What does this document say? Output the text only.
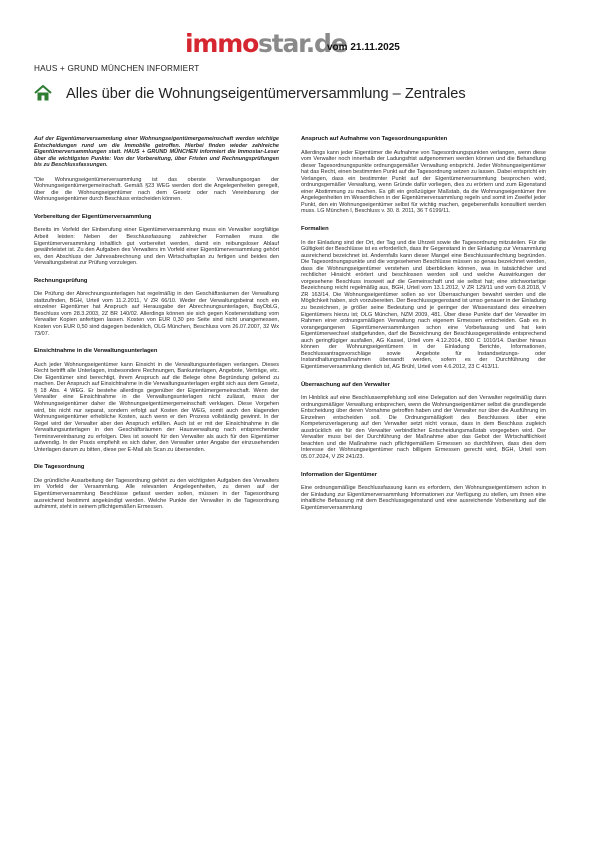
immostar.de
vom 21.11.2025
HAUS + GRUND MÜNCHEN INFORMIERT
Alles über die Wohnungseigentümerversammlung – Zentrales

Auf der Eigentümerversammlung einer Wohnungseigentümergemeinschaft werden wichtige Entscheidungen rund um die Immobilie getroffen. Hierbei finden wieder zahlreiche Eigentümerversammlungen statt. HAUS + GRUND MÜNCHEN informiert die Immostar-Leser über die wichtigsten Punkte: Von der Vorbereitung, über Fristen und Rechnungsprüfungen bis zu Beschlussfassungen.

"Die Wohnungseigentümerversammlung ist das oberste Verwaltungsorgan der Wohnungseigentümergemeinschaft. Gemäß §23 WEG werden dort die Angelegenheiten geregelt, über die die Wohnungseigentümer nach dem Gesetz oder nach Vereinbarung der Wohnungseigentümer durch Beschluss entscheiden können.

Vorbereitung der Eigentümerversammlung

Bereits im Vorfeld der Einberufung einer Eigentümerversammlung muss ein Verwalter sorgfältige Arbeit leisten: Neben der Beschlussfassung zahlreicher Formalien muss die Eigentümerversammlung inhaltlich gut vorbereitet werden, damit ein reibungsloser Ablauf gewährleistet ist. Zu den Aufgaben des Verwalters im Vorfeld einer Eigentümerversammlung gehört es, den Abschluss der Jahresabrechnung und den Wirtschaftsplan zu fertigen und beides den Verwaltungsbeirat zur Prüfung vorzulegen.

Rechnungsprüfung

Die Prüfung der Abrechnungsunterlagen hat regelmäßig in den Geschäftsräumen der Verwaltung stattzufinden, BGH, Urteil vom 11.2.2011, V ZR 66/10. Weder der Verwaltungsbeirat noch ein einzelner Eigentümer hat Anspruch auf Herausgabe der Abrechnungsunterlagen, BayObLG, Beschluss vom 28.3.2003, 2Z BR 140/02. Allerdings können sie sich gegen Kostenerstattung vom Verwalter Kopien anfertigen lassen. Kosten von EUR 0,30 pro Seite sind nicht unangemessen, Kosten von EUR 0,50 sind dagegen bedenklich, OLG München, Beschluss vom 26.07.2007, 32 Wx 73/07.

Einsichtnahme in die Verwaltungsunterlagen

Auch jeder Wohnungseigentümer kann Einsicht in die Verwaltungsunterlagen verlangen. Dieses Recht betrifft alle Unterlagen, insbesondere Rechnungen, Bankunterlagen, Angebote, Verträge, etc. Die Eigentümer sind berechtigt, ihrem Anspruch auf die Belege ohne Begründung geltend zu machen. Der Anspruch auf Einsichtnahme in die Verwaltungsunterlagen ergibt sich aus dem Gesetz, § 18 Abs. 4 WEG. Er bestehe allerdings gegenüber der Eigentümergemeinschaft. Wenn der Verwalter eine Einsichtnahme in die Verwaltungsunterlagen nicht zulässt, muss der Wohnungseigentümer daher die Wohnungseigentümergemeinschaft verklagen. Diese Vorgehen wird, bis nicht nur separat, sondern erfolgt auf Kosten der WEG, somit auch den klagenden Wohnungseigentümer erhebliche Kosten, auch wenn er den Prozess vollständig gewinnt. In der Regel wird der Verwalter aber den Anspruch erfüllen. Auch ist er mit der Einsichtnahme in die Verwaltungsunterlagen in den Geschäftsräumen der Hausverwaltung nach entsprechender Terminsvereinbarung zu erfolgen. Dies ist sowohl für den Verwalter als auch für den Eigentümer aufwendig. In der Praxis empfiehlt es sich daher, den Verwalter unter Angabe der einzusehenden Unterlagen darum zu bitten, diese per E-Mail als Scan zu übersenden.

Die Tagesordnung

Die gründliche Ausarbeitung der Tagesordnung gehört zu den wichtigsten Aufgaben des Verwalters im Vorfeld der Versammlung. Alle relevanten Angelegenheiten, zu denen auf der Eigentümerversammlung Beschlüsse gefasst werden sollen, müssen in der Tagesordnung ausreichend bestimmt angekündigt werden. Welche Punkte der Verwalter in die Tagesordnung aufnimmt, steht in seinem pflichtgemäßen Ermessen.

Anspruch auf Aufnahme von Tagesordnungspunkten

Allerdings kann jeder Eigentümer die Aufnahme von Tagesordnungspunkten verlangen, wenn diese vom Verwalter noch innerhalb der Ladungsfrist aufgenommen werden können und die Behandlung dieser Tagesordnungspunkte ordnungsgemäßer Verwaltung entspricht. Jeder Wohnungseigentümer hat das Recht, einen bestimmten Punkt auf die Tagesordnung setzen zu lassen. Dabei entspricht ein Verlangen, dass ein bestimmter Punkt auf der Eigentümerversammlung besprochen wird, ordnungsgemäßer Verwaltung, wenn Gründe dafür vorliegen, dies zu erörtern und zum Eigenstand einer Abstimmung zu machen. Es gilt ein großzügiger Maßstab, da die Wohnungseigentümer ihre Angelegenheiten im Wesentlichen in der Eigentümerversammlung regeln und somit im Zweifel jeder Punkt, den ein Wohnungseigentümer selbst für wichtig machen, gegebenenfalls konsultiert werden muss. LG München I, Beschluss v. 30. 8. 2011, 36 T 6199/11.

Formalien

In der Einladung sind der Ort, der Tag und die Uhrzeit sowie die Tagesordnung mitzuteilen. Für die Gültigkeit der Beschlüsse ist es erforderlich, dass ihr Gegenstand in der Einladung zur Versammlung ausreichend bezeichnet ist. Andernfalls kann dieser Mangel eine Beschlussanfechtung begründen. Die Tagesordnungspunkte und die vorgesehenen Beschlüsse müssen so genau bezeichnet werden, dass die Wohnungseigentümer verstehen und überblicken können, was in tatsächlicher und rechtlicher Hinsicht erörtert und beschlossen werden soll und welche Auswirkungen der vorgesehene Beschluss insoweit auf die Gemeinschaft und sie selbst hat; eine stichwortartige Bezeichnung reicht regelmäßig aus, BGH, Urteil vom 13.1.2012, V ZR 129/11 und vom 6.8.2018, V ZR 163/14. Die Wohnungseigentümer sollen so vor Überraschungen bewahrt werden und die Möglichkeit haben, sich vorzubereiten. Der Beschlussgegenstand ist umso genauer in der Einladung zu bezeichnen, je größer seine Bedeutung und je geringer der Wissensstand des einzelnen Eigentümers hierzu ist; OLG München, NZM 2009, 481. Über diese Punkte darf der Verwalter im Rahmen einer ordnungsmäßigen Verwaltung nach eigenem Ermessen entscheiden. Gab es in vorangegangenen Eigentümerversammlungen schon eine Vorbefassung und hat kein Eigentümerwechsel stattgefunden, darf die Bezeichnung der Beschlussgegenstände entsprechend auch geringfügiger ausfallen, AG Kassel, Urteil vom 4.12.2014, 800 C 1010/14. Darüber hinaus können der Wohnungseigentümern in der Einladung Berichte, Informationen, Beschlussantragsvorschläge sowie Angebote für Instandsetzungs- oder Instandhaltungsmaßnahmen übersandt werden, sofern es der Durchführung der Eigentümerversammlung dienlich ist, AG Brühl, Urteil vom 4.6.2012, 23 C 413/11.

Überraschung auf den Verwalter

Im Hinblick auf eine Beschlussempfehlung soll eine Delegation auf den Verwalter regelmäßig dann ordnungsmäßiger Verwaltung entsprechen, wenn die Wohnungseigentümer selbst die grundlegende Entscheidung über deren Vornahme getroffen haben und der Verwalter nur über die Ausführung im Einzelnen entscheiden soll. Die Ordnungsmäßigkeit des Beschlusses über eine Kompetenzverlagerung auf den Verwalter setzt nicht voraus, dass in dem Beschluss zugleich ausdrücklich ein für den Verwalter verbindlicher Entscheidungsmaßstab vorgegeben wird. Der Verwalter muss bei der Durchführung der Maßnahme aber das Gebot der Wirtschaftlichkeit beachten und die Maßnahme nach pflichtgemäßem Ermessen so durchführen, dass dies dem Interesse der Wohnungseigentümer nach billigem Ermessen gerecht wird, BGH, Urteil vom 05.07.2024, V ZR 241/23.

Information der Eigentümer

Eine ordnungsmäßige Beschlussfassung kann es erfordern, den Wohnungseigentümern schon in der Einladung zur Eigentümerversammlung Informationen zur Verfügung zu stellen, um ihnen eine inhaltliche Befassung mit dem Beschlussgegenstand und eine ausreichende Vorbereitung auf die Eigentümerversammlung
